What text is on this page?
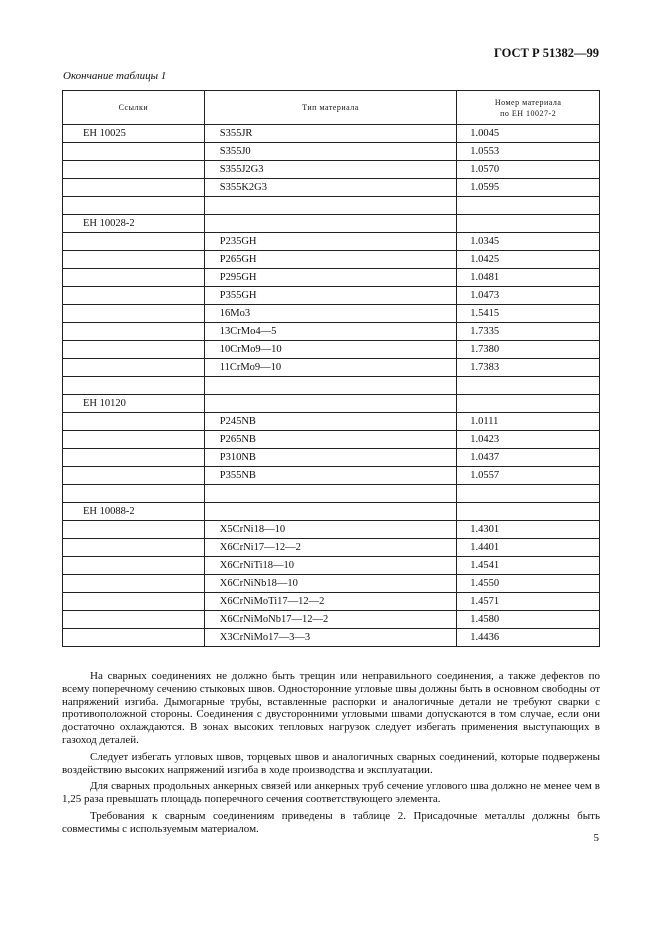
ГОСТ Р 51382—99
Окончание таблицы 1
Ссылки	Тип материала	Номер материала
по ЕН 10027-2
ЕН 10025	S355JR	1.0045
	S355J0	1.0553
	S355J2G3	1.0570
	S355K2G3	1.0595

ЕН 10028-2		
	P235GH	1.0345
	P265GH	1.0425
	P295GH	1.0481
	P355GH	1.0473
	16Mo3	1.5415
	13CrMo4—5	1.7335
	10CrMo9—10	1.7380
	11CrMo9—10	1.7383

ЕН 10120		
	P245NB	1.0111
	P265NB	1.0423
	P310NB	1.0437
	P355NB	1.0557

ЕН 10088-2		
	X5CrNi18—10	1.4301
	X6CrNi17—12—2	1.4401
	X6CrNiTi18—10	1.4541
	X6CrNiNb18—10	1.4550
	X6CrNiMoTi17—12—2	1.4571
	X6CrNiMoNb17—12—2	1.4580
	X3CrNiMo17—3—3	1.4436

На сварных соединениях не должно быть трещин или неправильного соединения, а также дефектов по всему поперечному сечению стыковых швов. Односторонние угловые швы должны быть в основном свободны от напряжений изгиба. Дымогарные трубы, вставленные распорки и аналогичные детали не требуют сварки с противоположной стороны. Соединения с двусторонними угловыми швами допускаются в том случае, если они достаточно охлаждаются. В зонах высоких тепловых нагрузок следует избегать применения выступающих в газоход деталей.

Следует избегать угловых швов, торцевых швов и аналогичных сварных соединений, которые подвержены воздействию высоких напряжений изгиба в ходе производства и эксплуатации.

Для сварных продольных анкерных связей или анкерных труб сечение углового шва должно не менее чем в 1,25 раза превышать площадь поперечного сечения соответствующего элемента.

Требования к сварным соединениям приведены в таблице 2. Присадочные металлы должны быть совместимы с используемым материалом.

5
